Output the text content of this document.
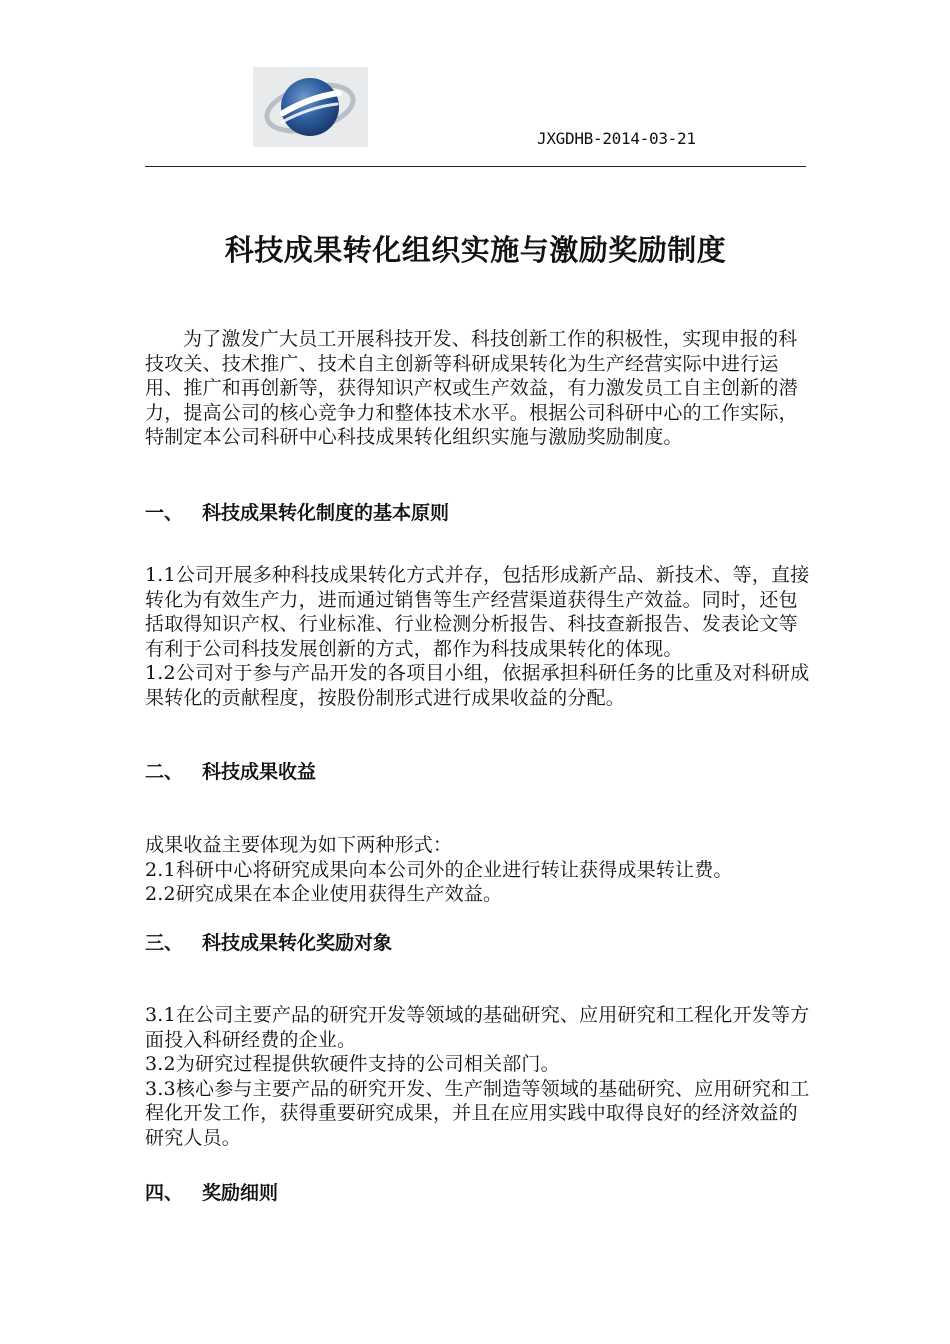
JXGDHB-2014-03-21
科技成果转化组织实施与激励奖励制度

为了激发广大员工开展科技开发、科技创新工作的积极性，实现申报的科技攻关、技术推广、技术自主创新等科研成果转化为生产经营实际中进行运用、推广和再创新等，获得知识产权或生产效益，有力激发员工自主创新的潜力，提高公司的核心竞争力和整体技术水平。根据公司科研中心的工作实际，特制定本公司科研中心科技成果转化组织实施与激励奖励制度。

一、 科技成果转化制度的基本原则

1.1公司开展多种科技成果转化方式并存，包括形成新产品、新技术、等，直接转化为有效生产力，进而通过销售等生产经营渠道获得生产效益。同时，还包括取得知识产权、行业标准、行业检测分析报告、科技查新报告、发表论文等有利于公司科技发展创新的方式，都作为科技成果转化的体现。

1.2公司对于参与产品开发的各项目小组，依据承担科研任务的比重及对科研成果转化的贡献程度，按股份制形式进行成果收益的分配。

二、 科技成果收益

成果收益主要体现为如下两种形式：

2.1科研中心将研究成果向本公司外的企业进行转让获得成果转让费。

2.2研究成果在本企业使用获得生产效益。

三、 科技成果转化奖励对象

3.1在公司主要产品的研究开发等领域的基础研究、应用研究和工程化开发等方面投入科研经费的企业。

3.2为研究过程提供软硬件支持的公司相关部门。

3.3核心参与主要产品的研究开发、生产制造等领域的基础研究、应用研究和工程化开发工作，获得重要研究成果，并且在应用实践中取得良好的经济效益的研究人员。

四、 奖励细则
